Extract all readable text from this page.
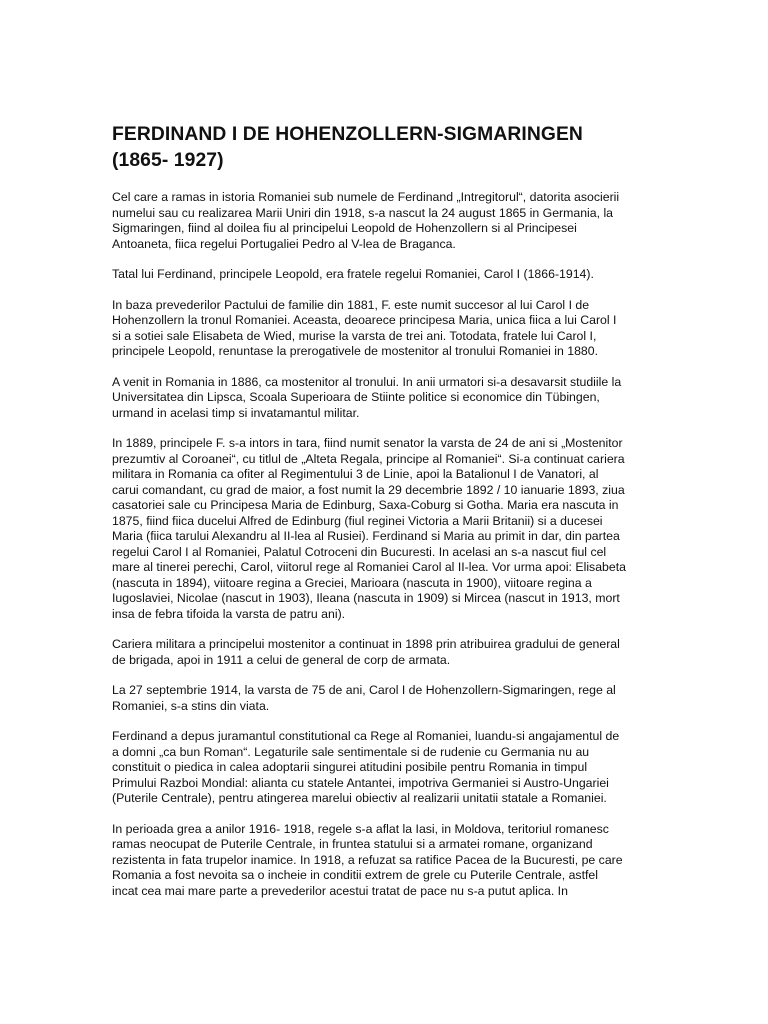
FERDINAND I DE HOHENZOLLERN-SIGMARINGEN
(1865- 1927)

Cel care a ramas in istoria Romaniei sub numele de Ferdinand „Intregitorul“, datorita asocierii numelui sau cu realizarea Marii Uniri din 1918, s-a nascut la 24 august 1865 in Germania, la Sigmaringen, fiind al doilea fiu al principelui Leopold de Hohenzollern si al Principesei Antoaneta, fiica regelui Portugaliei Pedro al V-lea de Braganca.

Tatal lui Ferdinand, principele Leopold, era fratele regelui Romaniei, Carol I (1866-1914).

In baza prevederilor Pactului de familie din 1881, F. este numit succesor al lui Carol I de Hohenzollern la tronul Romaniei. Aceasta, deoarece principesa Maria, unica fiica a lui Carol I si a sotiei sale Elisabeta de Wied, murise la varsta de trei ani. Totodata, fratele lui Carol I, principele Leopold, renuntase la prerogativele de mostenitor al tronului Romaniei in 1880.

A venit in Romania in 1886, ca mostenitor al tronului. In anii urmatori si-a desavarsit studiile la Universitatea din Lipsca, Scoala Superioara de Stiinte politice si economice din Tübingen, urmand in acelasi timp si invatamantul militar.

In 1889, principele F. s-a intors in tara, fiind numit senator la varsta de 24 de ani si „Mostenitor prezumtiv al Coroanei“, cu titlul de „Alteta Regala, principe al Romaniei“. Si-a continuat cariera militara in Romania ca ofiter al Regimentului 3 de Linie, apoi la Batalionul I de Vanatori, al carui comandant, cu grad de maior, a fost numit la 29 decembrie 1892 / 10 ianuarie 1893, ziua casatoriei sale cu Principesa Maria de Edinburg, Saxa-Coburg si Gotha. Maria era nascuta in 1875, fiind fiica ducelui Alfred de Edinburg (fiul reginei Victoria a Marii Britanii) si a ducesei Maria (fiica tarului Alexandru al II-lea al Rusiei). Ferdinand si Maria au primit in dar, din partea regelui Carol I al Romaniei, Palatul Cotroceni din Bucuresti. In acelasi an s-a nascut fiul cel mare al tinerei perechi, Carol, viitorul rege al Romaniei Carol al II-lea. Vor urma apoi: Elisabeta (nascuta in 1894), viitoare regina a Greciei, Marioara (nascuta in 1900), viitoare regina a Iugoslaviei, Nicolae (nascut in 1903), Ileana (nascuta in 1909) si Mircea (nascut in 1913, mort insa de febra tifoida la varsta de patru ani).

Cariera militara a principelui mostenitor a continuat in 1898 prin atribuirea gradului de general de brigada, apoi in 1911 a celui de general de corp de armata.

La 27 septembrie 1914, la varsta de 75 de ani, Carol I de Hohenzollern-Sigmaringen, rege al Romaniei, s-a stins din viata.

Ferdinand a depus juramantul constitutional ca Rege al Romaniei, luandu-si angajamentul de a domni „ca bun Roman“. Legaturile sale sentimentale si de rudenie cu Germania nu au constituit o piedica in calea adoptarii singurei atitudini posibile pentru Romania in timpul Primului Razboi Mondial: alianta cu statele Antantei, impotriva Germaniei si Austro-Ungariei (Puterile Centrale), pentru atingerea marelui obiectiv al realizarii unitatii statale a Romaniei.

In perioada grea a anilor 1916- 1918, regele s-a aflat la Iasi, in Moldova, teritoriul romanesc ramas neocupat de Puterile Centrale, in fruntea statului si a armatei romane, organizand rezistenta in fata trupelor inamice. In 1918, a refuzat sa ratifice Pacea de la Bucuresti, pe care Romania a fost nevoita sa o incheie in conditii extrem de grele cu Puterile Centrale, astfel incat cea mai mare parte a prevederilor acestui tratat de pace nu s-a putut aplica. In
